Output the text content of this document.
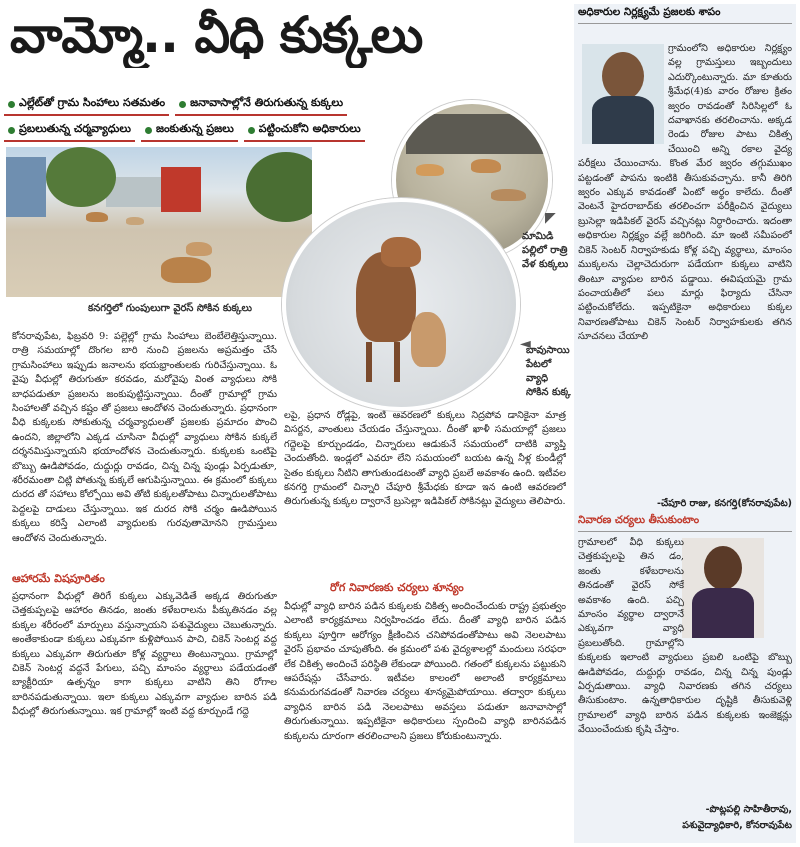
వామ్మో.. వీధి కుక్కలు
ఎల్లేట్‌తో గ్రామ సింహాలు సతమతం జనావాసాల్లోనే తిరుగుతున్న కుక్కలు
ప్రబలుతున్న చర్మవ్యాధులు జంకుతున్న ప్రజలు పట్టించుకోని అధికారులు
కనగర్తిలో గుంపులుగా వైరస్‌ సోకిన కుక్కలు
◤
మామిడి పల్లిలో రాత్రి వేళ కుక్కలు
◄
బావుసాయి పేటలో వ్యాధి సోకిన కుక్క
కోనరావుపేట, ఫిబ్రవరి 9: పల్లెల్లో గ్రామ సింహాలు బెంబేలెత్తిస్తున్నాయి. రాత్రి సమయాల్లో దొంగల బారి నుంచి ప్రజలను అప్రమత్తం చేసే గ్రామసింహాలు ఇప్పుడు జనాలను భయభ్రాంతులకు గురిచేస్తున్నాయి. ఓ వైపు వీధుల్లో తిరుగుతూ కరవడం, మరోవైపు వింత వ్యాధులు సోకి బాధపడుతూ ప్రజలను జంకుపుట్టిస్తున్నాయి. దీంతో గ్రామాల్లో గ్రామ సింహాలతో వచ్చిన కష్టం తో ప్రజలు ఆందోళన చెందుతున్నారు. ప్రధానంగా వీధి కుక్కలకు సోకుతున్న చర్మవ్యాధులతో ప్రజలకు ప్రమాదం పొంచి ఉందని, జిల్లాలోని ఎక్కడ చూసినా వీధుల్లో వ్యాధులు సోకిన కుక్కలే దర్శనమిస్తున్నాయని భయాందోళన చెందుతున్నారు. కుక్కలకు ఒంటిపై బొబ్బు ఊడిపోవడం, దుద్దుర్లు రావడం, చిన్న చిన్న పుండ్లు ఏర్పడుతూ, శరీరమంతా చిట్లి పోతున్న కుక్కలే ఆగుపిస్తున్నాయి. ఈ క్రమంలో కుక్కలు దురద తో సహాలు కోల్పోయి అవి తోటి కుక్కలతోపాటు చిన్నారులతోపాటు పెద్దలపై దాడులు చేస్తున్నాయి. ఇక దురద సోకి చర్మం ఊడిపోయిన కుక్కలు కరిస్తే ఎలాంటి వ్యాధులకు గురవుతామోనని గ్రామస్తులు ఆందోళన చెందుతున్నారు.
ఆహారమే విషపూరితం
ప్రధానంగా వీధుల్లో తిరిగే కుక్కలు ఎక్కువెడితే అక్కడ తిరుగుతూ చెత్తకుప్పలపై ఆహారం తినడం, జంతు కళేబరాలను పీక్కుతినడం వల్ల కుక్కల శరీరంలో మార్పులు వస్తున్నాయని పశువైద్యులు చెబుతున్నారు. అంతేకాకుండా కుక్కలు ఎక్కువగా కుళ్లిపోయిన పాచి, చికెన్‌ సెంటర్ల వద్ద కుక్కలు ఎక్కువగా తిరుగుతూ కోళ్ల వ్యర్థాలు తింటున్నాయి. గ్రామాల్లో చికెన్‌ సెంటర్ల వద్దనే పేగులు, పచ్చి మాంసం వ్యర్థాలు పడేయడంతో బ్యాక్టీరియా ఉత్పన్నం కాగా కుక్కలు వాటిని తిని రోగాల బారినపడుతున్నాయి. ఇలా కుక్కలు ఎక్కువగా వ్యాధుల బారిన పడి వీధుల్లో తిరుగుతున్నాయి. ఇక గ్రామాల్లో ఇంటి వద్ద కూర్చుండే గద్దె
లపై, ప్రధాన రోడ్లపై, ఇంటి ఆవరణలో కుక్కలు నిద్రపోవ డానికైనా మాత్ర విసర్జన, వాంతులు చేయడం చేస్తున్నాయి. దీంతో ఖాళీ సమయాల్లో ప్రజలు గద్దెలపై కూర్చుండడం, చిన్నారులు ఆడుకునే సమయంలో దాటికి వ్యాప్తి చెందుతోంది. ఇండ్లలో ఎవరూ లేని సమయంలో బయట ఉన్న నీళ్ల కుండీల్లో సైతం కుక్కలు నీటిని తాగుతుండటంతో వ్యాధి ప్రబలే అవకాశం ఉంది. ఇటీవల కనగర్తి గ్రామంలో చిన్నారి చేపూరి శ్రీమేధకు కూడా ఇన ఉంటి ఆవరణలో తిరుగుతున్న కుక్కల ద్వారానే బ్రుసెల్లా ఇడిపికల్‌ సోకినట్లు వైద్యులు తెలిపారు.
రోగ నివారణకు చర్యలు శూన్యం
వీధుల్లో వ్యాధి బారిన పడిన కుక్కలకు చికిత్స అందించేందుకు రాష్ట్ర ప్రభుత్వం ఎలాంటి కార్యక్రమాలు నిర్వహించడం లేదు. దీంతో వ్యాధి బారిన పడిన కుక్కలు పూర్తిగా ఆరోగ్యం క్షీణించిన చనిపోవడంతోపాటు అవి నెలలపాటు వైరస్‌ ప్రభావం చూపుతోంది. ఈ క్రమంలో పశు వైద్యశాలల్లో మందులు సరఫరా లేక చికిత్స అందించే పరిస్థితి లేకుండా పోయింది. గతంలో కుక్కలను పట్టుకుని ఆపరేషన్లు చేసేవారు. ఇటీవల కాలంలో అలాంటి కార్యక్రమాలు కనుమరుగవడంతో నివారణ చర్యలు శూన్యమైపోయాయి. తద్వారా కుక్కలు వ్యాధిన బారిన పడి నెలలపాటు అవస్తలు పడుతూ జనావాసాల్లో తిరుగుతున్నాయి. ఇప్పటికైనా అధికారులు స్పందించి వ్యాధి బారినపడిన కుక్కలను దూరంగా తరలించాలని ప్రజలు కోరుకుంటున్నారు.
అధికారుల నిర్లక్ష్యమే ప్రజలకు శాపం
గ్రామంలోని అధికారుల నిర్లక్ష్యం వల్ల గ్రామస్తులు ఇబ్బందులు ఎదుర్కొంటున్నారు. మా కూతురు శ్రీమేధ(4)కు వారం రోజుల క్రితం జ్వరం రావడంతో సిరిసిల్లలో ఓ దవాఖానకు తరలించాను. అక్కడ రెండు రోజుల పాటు చికిత్స చేయించి అన్ని రకాల వైద్య పరీక్షలు చేయించాను. కొంత మేర జ్వరం తగ్గుముఖం పట్టడంతో పాపను ఇంటికి తీసుకువచ్చాను. కానీ తిరిగి జ్వరం ఎక్కువ కావడంతో ఏంటో అర్థం కాలేదు. దీంతో వెంటనే హైదరాబాద్‌కు తరలించగా పరీక్షించిన వైద్యులు బ్రుసెల్లా ఇడిపికల్‌ వైరస్‌ వచ్చినట్లు నిర్ధారించారు. ఇదంతా అధికారుల నిర్లక్ష్యం వల్లే జరిగింది. మా ఇంటి సమీపంలో చికెన్‌ సెంటర్‌ నిర్వాహకుడు కోళ్ల పచ్చి వ్యర్థాలు, మాంసం ముక్కలను చెల్లాచెదురుగా పడేయగా కుక్కలు వాటిని తింటూ వ్యాధుల బారిన పడ్డాయి. ఈవిషయమై గ్రామ పంచాయతీలో పలు మార్లు ఫిర్యాదు చేసినా పట్టించుకోలేదు. ఇప్పటికైనా అధికారులు కుక్కల నివారణతోపాటు చికెన్‌ సెంటర్‌ నిర్వాహకులకు తగిన సూచనలు చేయాలి
-చేపూరి రాజు, కనగర్తి(కోనరావుపేట)
నివారణ చర్యలు తీసుకుంటాం
గ్రామాలలో వీధి కుక్కలు చెత్తకుప్పలపై తిన డం, జంతు కళేబరాలను తినడంతో వైరస్‌ సోకే అవకాశం ఉంది. పచ్చి మాంసం వ్యర్థాల ద్వారానే ఎక్కువగా వ్యాధి ప్రబలుతోంది. గ్రామాల్లోని కుక్కలకు ఇలాంటి వ్యాధులు ప్రబలి ఒంటిపై బొబ్బు ఊడిపోవడం, దుద్దుర్లు రావడం, చిన్న చిన్న పుండ్లు ఏర్పడుతాయి. వ్యాధి నివారణకు తగిన చర్యలు తీసుకుంటాం. ఉన్నతాధికారుల దృష్టికి తీసుకువెళ్లి గ్రామాలలో వ్యాధి బారిన పడిన కుక్కలకు ఇంజెక్షన్లు వేయించేందుకు కృషి చేస్తాం.
-పొట్లపల్లి సాహితీరావు,
పశువైద్యాధికారి, కోనరావుపేట
